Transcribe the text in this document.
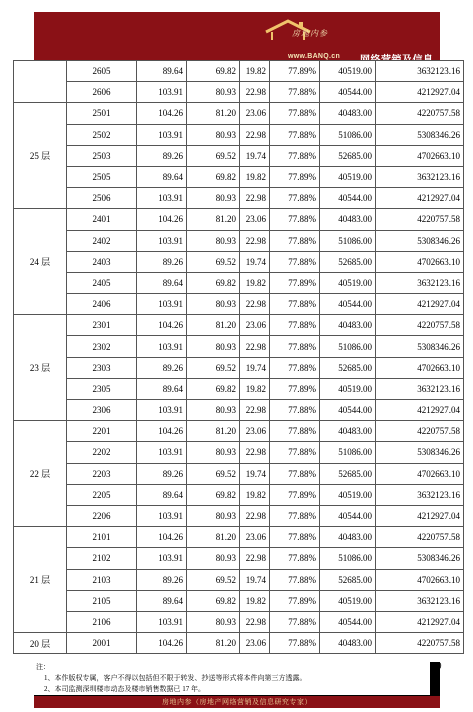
房地内参
www.BANQ.cn 网络营销及信息研究专家
	2605	89.64	69.82	19.82	77.89%	40519.00	3632123.16
	2606	103.91	80.93	22.98	77.88%	40544.00	4212927.04
25 层	2501	104.26	81.20	23.06	77.88%	40483.00	4220757.58
	2502	103.91	80.93	22.98	77.88%	51086.00	5308346.26
	2503	89.26	69.52	19.74	77.88%	52685.00	4702663.10
	2505	89.64	69.82	19.82	77.89%	40519.00	3632123.16
	2506	103.91	80.93	22.98	77.88%	40544.00	4212927.04
24 层	2401	104.26	81.20	23.06	77.88%	40483.00	4220757.58
	2402	103.91	80.93	22.98	77.88%	51086.00	5308346.26
	2403	89.26	69.52	19.74	77.88%	52685.00	4702663.10
	2405	89.64	69.82	19.82	77.89%	40519.00	3632123.16
	2406	103.91	80.93	22.98	77.88%	40544.00	4212927.04
23 层	2301	104.26	81.20	23.06	77.88%	40483.00	4220757.58
	2302	103.91	80.93	22.98	77.88%	51086.00	5308346.26
	2303	89.26	69.52	19.74	77.88%	52685.00	4702663.10
	2305	89.64	69.82	19.82	77.89%	40519.00	3632123.16
	2306	103.91	80.93	22.98	77.88%	40544.00	4212927.04
22 层	2201	104.26	81.20	23.06	77.88%	40483.00	4220757.58
	2202	103.91	80.93	22.98	77.88%	51086.00	5308346.26
	2203	89.26	69.52	19.74	77.88%	52685.00	4702663.10
	2205	89.64	69.82	19.82	77.89%	40519.00	3632123.16
	2206	103.91	80.93	22.98	77.88%	40544.00	4212927.04
21 层	2101	104.26	81.20	23.06	77.88%	40483.00	4220757.58
	2102	103.91	80.93	22.98	77.88%	51086.00	5308346.26
	2103	89.26	69.52	19.74	77.88%	52685.00	4702663.10
	2105	89.64	69.82	19.82	77.89%	40519.00	3632123.16
	2106	103.91	80.93	22.98	77.88%	40544.00	4212927.04
20 层	2001	104.26	81.20	23.06	77.88%	40483.00	4220757.58
注：
1、本作版权专属，客户不得以包括但不限于转发、抄送等形式将本件向第三方透露。
2、本司监测深圳楼市动态及楼市销售数据已 17 年。
9
房地内参（房地产网络营销及信息研究专家）
